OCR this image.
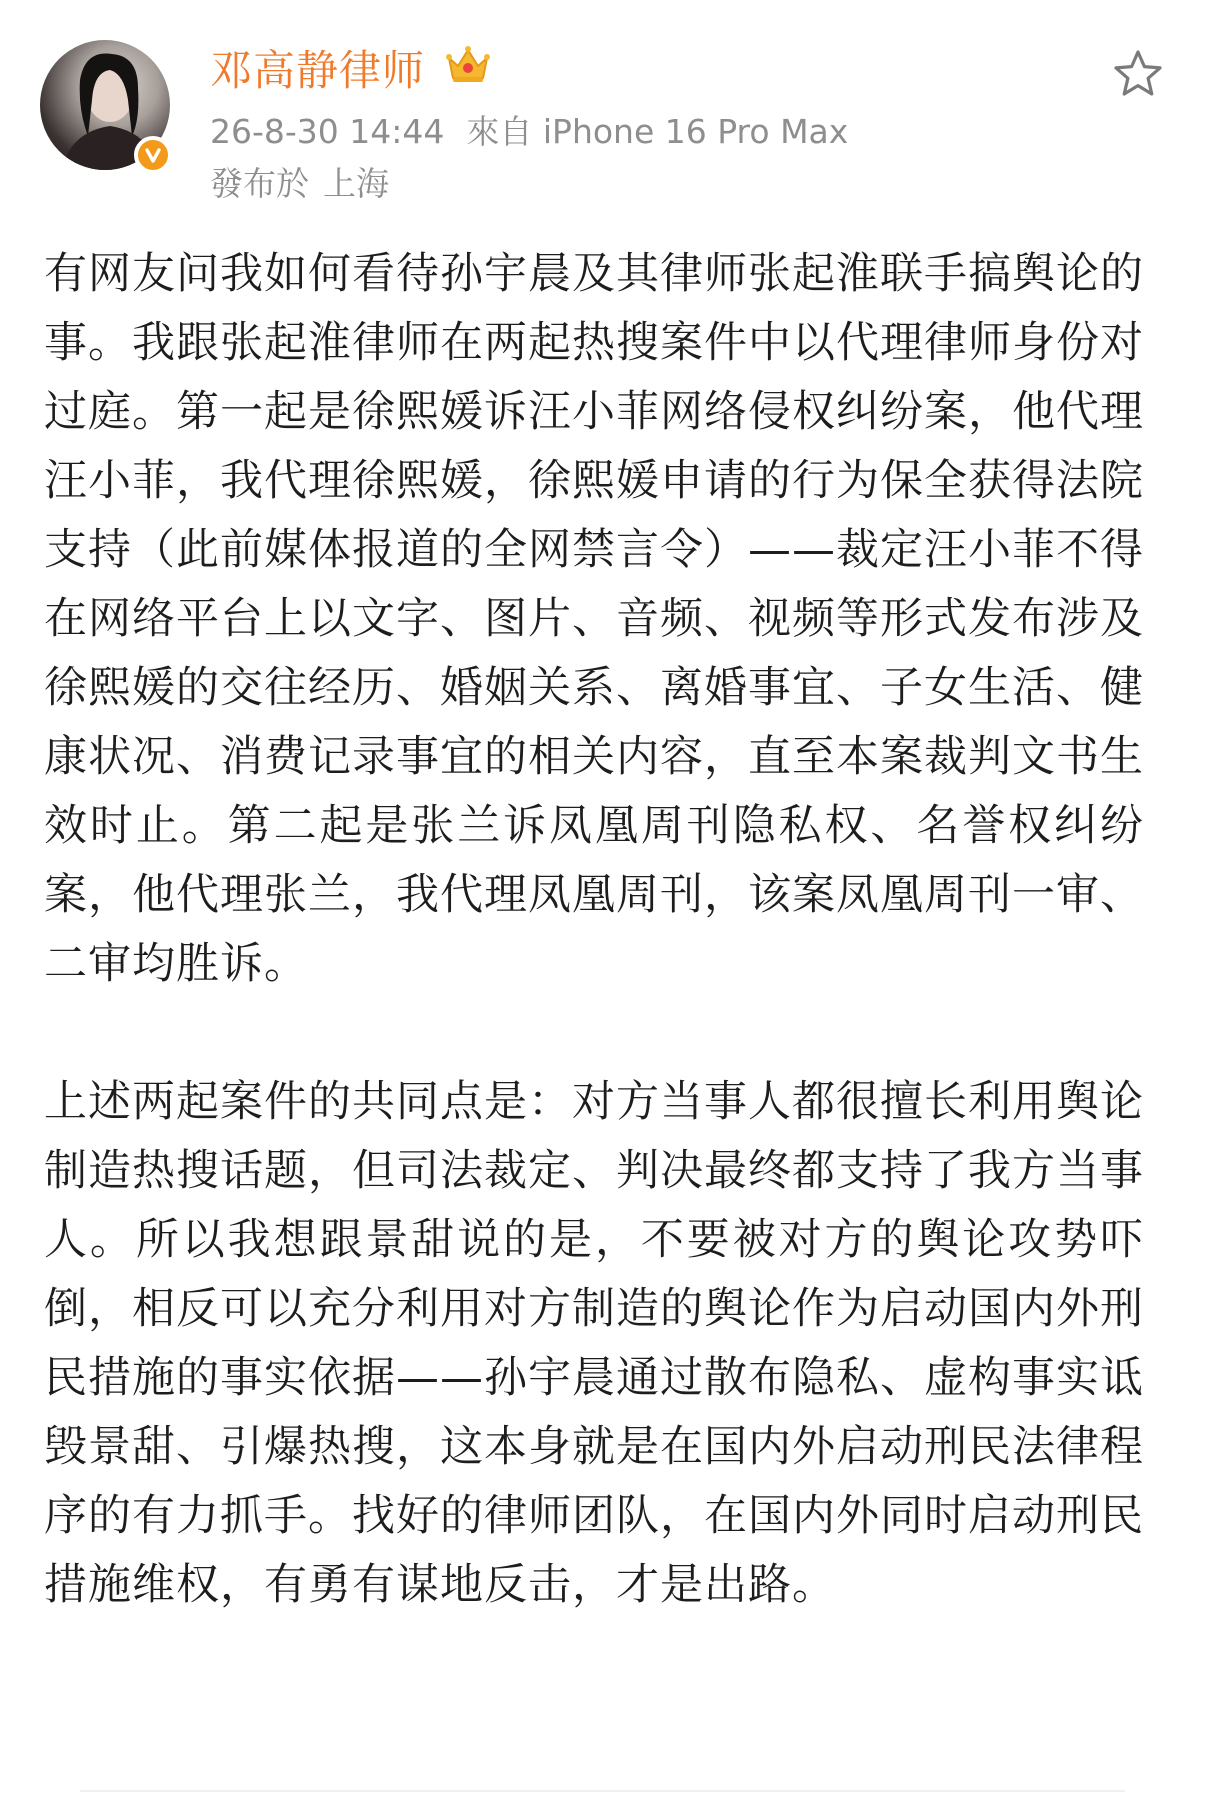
邓高静律师
26-8-30 14:44 來自 iPhone 16 Pro Max
發布於 上海

有网友问我如何看待孙宇晨及其律师张起淮联手搞舆论的事。我跟张起淮律师在两起热搜案件中以代理律师身份对过庭。第一起是徐熙媛诉汪小菲网络侵权纠纷案，他代理汪小菲，我代理徐熙媛，徐熙媛申请的行为保全获得法院支持（此前媒体报道的全网禁言令）——裁定汪小菲不得在网络平台上以文字、图片、音频、视频等形式发布涉及徐熙媛的交往经历、婚姻关系、离婚事宜、子女生活、健康状况、消费记录事宜的相关内容，直至本案裁判文书生效时止。第二起是张兰诉凤凰周刊隐私权、名誉权纠纷案，他代理张兰，我代理凤凰周刊，该案凤凰周刊一审、二审均胜诉。

上述两起案件的共同点是：对方当事人都很擅长利用舆论制造热搜话题，但司法裁定、判决最终都支持了我方当事人。所以我想跟景甜说的是，不要被对方的舆论攻势吓倒，相反可以充分利用对方制造的舆论作为启动国内外刑民措施的事实依据——孙宇晨通过散布隐私、虚构事实诋毁景甜、引爆热搜，这本身就是在国内外启动刑民法律程序的有力抓手。找好的律师团队，在国内外同时启动刑民措施维权，有勇有谋地反击，才是出路。
